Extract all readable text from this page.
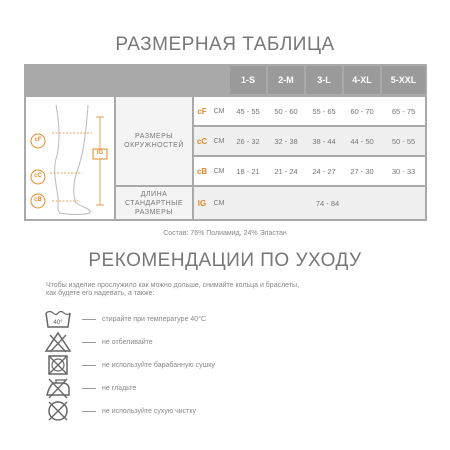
РАЗМЕРНАЯ ТАБЛИЦА
1-S	2-M	3-L	4-XL	5-XXL
cF
cC
cB
lG
РАЗМЕРЫ
ОКРУЖНОСТЕЙ
cF СМ	45 - 55	50 - 60	55 - 65	60 - 70	65 - 75
cC СМ	26 - 32	32 - 38	38 - 44	44 - 50	50 - 55
cB СМ	18 - 21	21 - 24	24 - 27	27 - 30	30 - 33
ДЛИНА
СТАНДАРТНЫЕ
РАЗМЕРЫ
lG	СМ	74 - 84
Состав: 76% Полиамид, 24% Эластан
РЕКОМЕНДАЦИИ ПО УХОДУ
Чтобы изделие прослужило как можно дольше, снимайте кольца и браслеты,
как будете его надевать, а также:
40°
стирайте при температуре 40°C
не отбеливайте
не используйте барабанную сушку
не гладьте
не используйте сухую чистку
